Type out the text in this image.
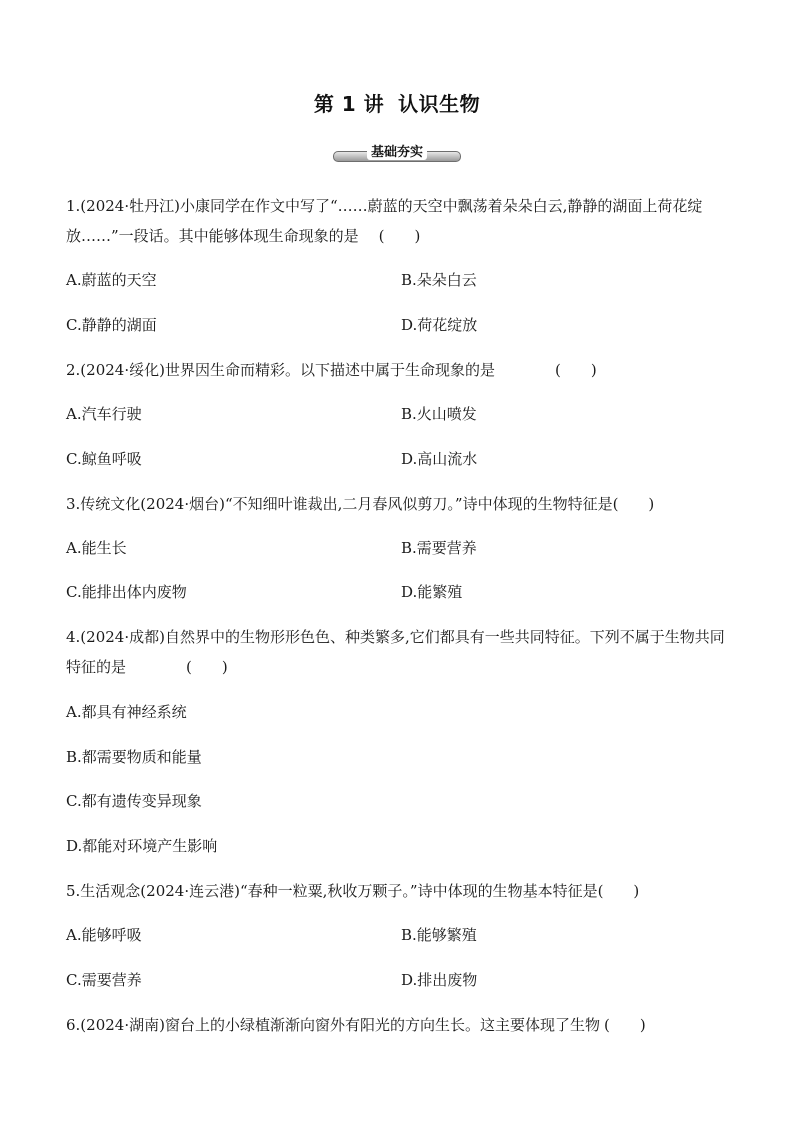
第 1 讲 认识生物
基础夯实
1.(2024·牡丹江)小康同学在作文中写了“……蔚蓝的天空中飘荡着朵朵白云,静静的湖面上荷花绽放……”一段话。其中能够体现生命现象的是 (　　)
A.蔚蓝的天空	B.朵朵白云
C.静静的湖面	D.荷花绽放
2.(2024·绥化)世界因生命而精彩。以下描述中属于生命现象的是	(　　)
A.汽车行驶	B.火山喷发
C.鲸鱼呼吸	D.高山流水
3.传统文化(2024·烟台)“不知细叶谁裁出,二月春风似剪刀。”诗中体现的生物特征是(　　)
A.能生长	B.需要营养
C.能排出体内废物	D.能繁殖
4.(2024·成都)自然界中的生物形形色色、种类繁多,它们都具有一些共同特征。下列不属于生物共同特征的是	(　　)
A.都具有神经系统
B.都需要物质和能量
C.都有遗传变异现象
D.都能对环境产生影响
5.生活观念(2024·连云港)“春种一粒粟,秋收万颗子。”诗中体现的生物基本特征是(　　)
A.能够呼吸	B.能够繁殖
C.需要营养	D.排出废物
6.(2024·湖南)窗台上的小绿植渐渐向窗外有阳光的方向生长。这主要体现了生物 (　　)
